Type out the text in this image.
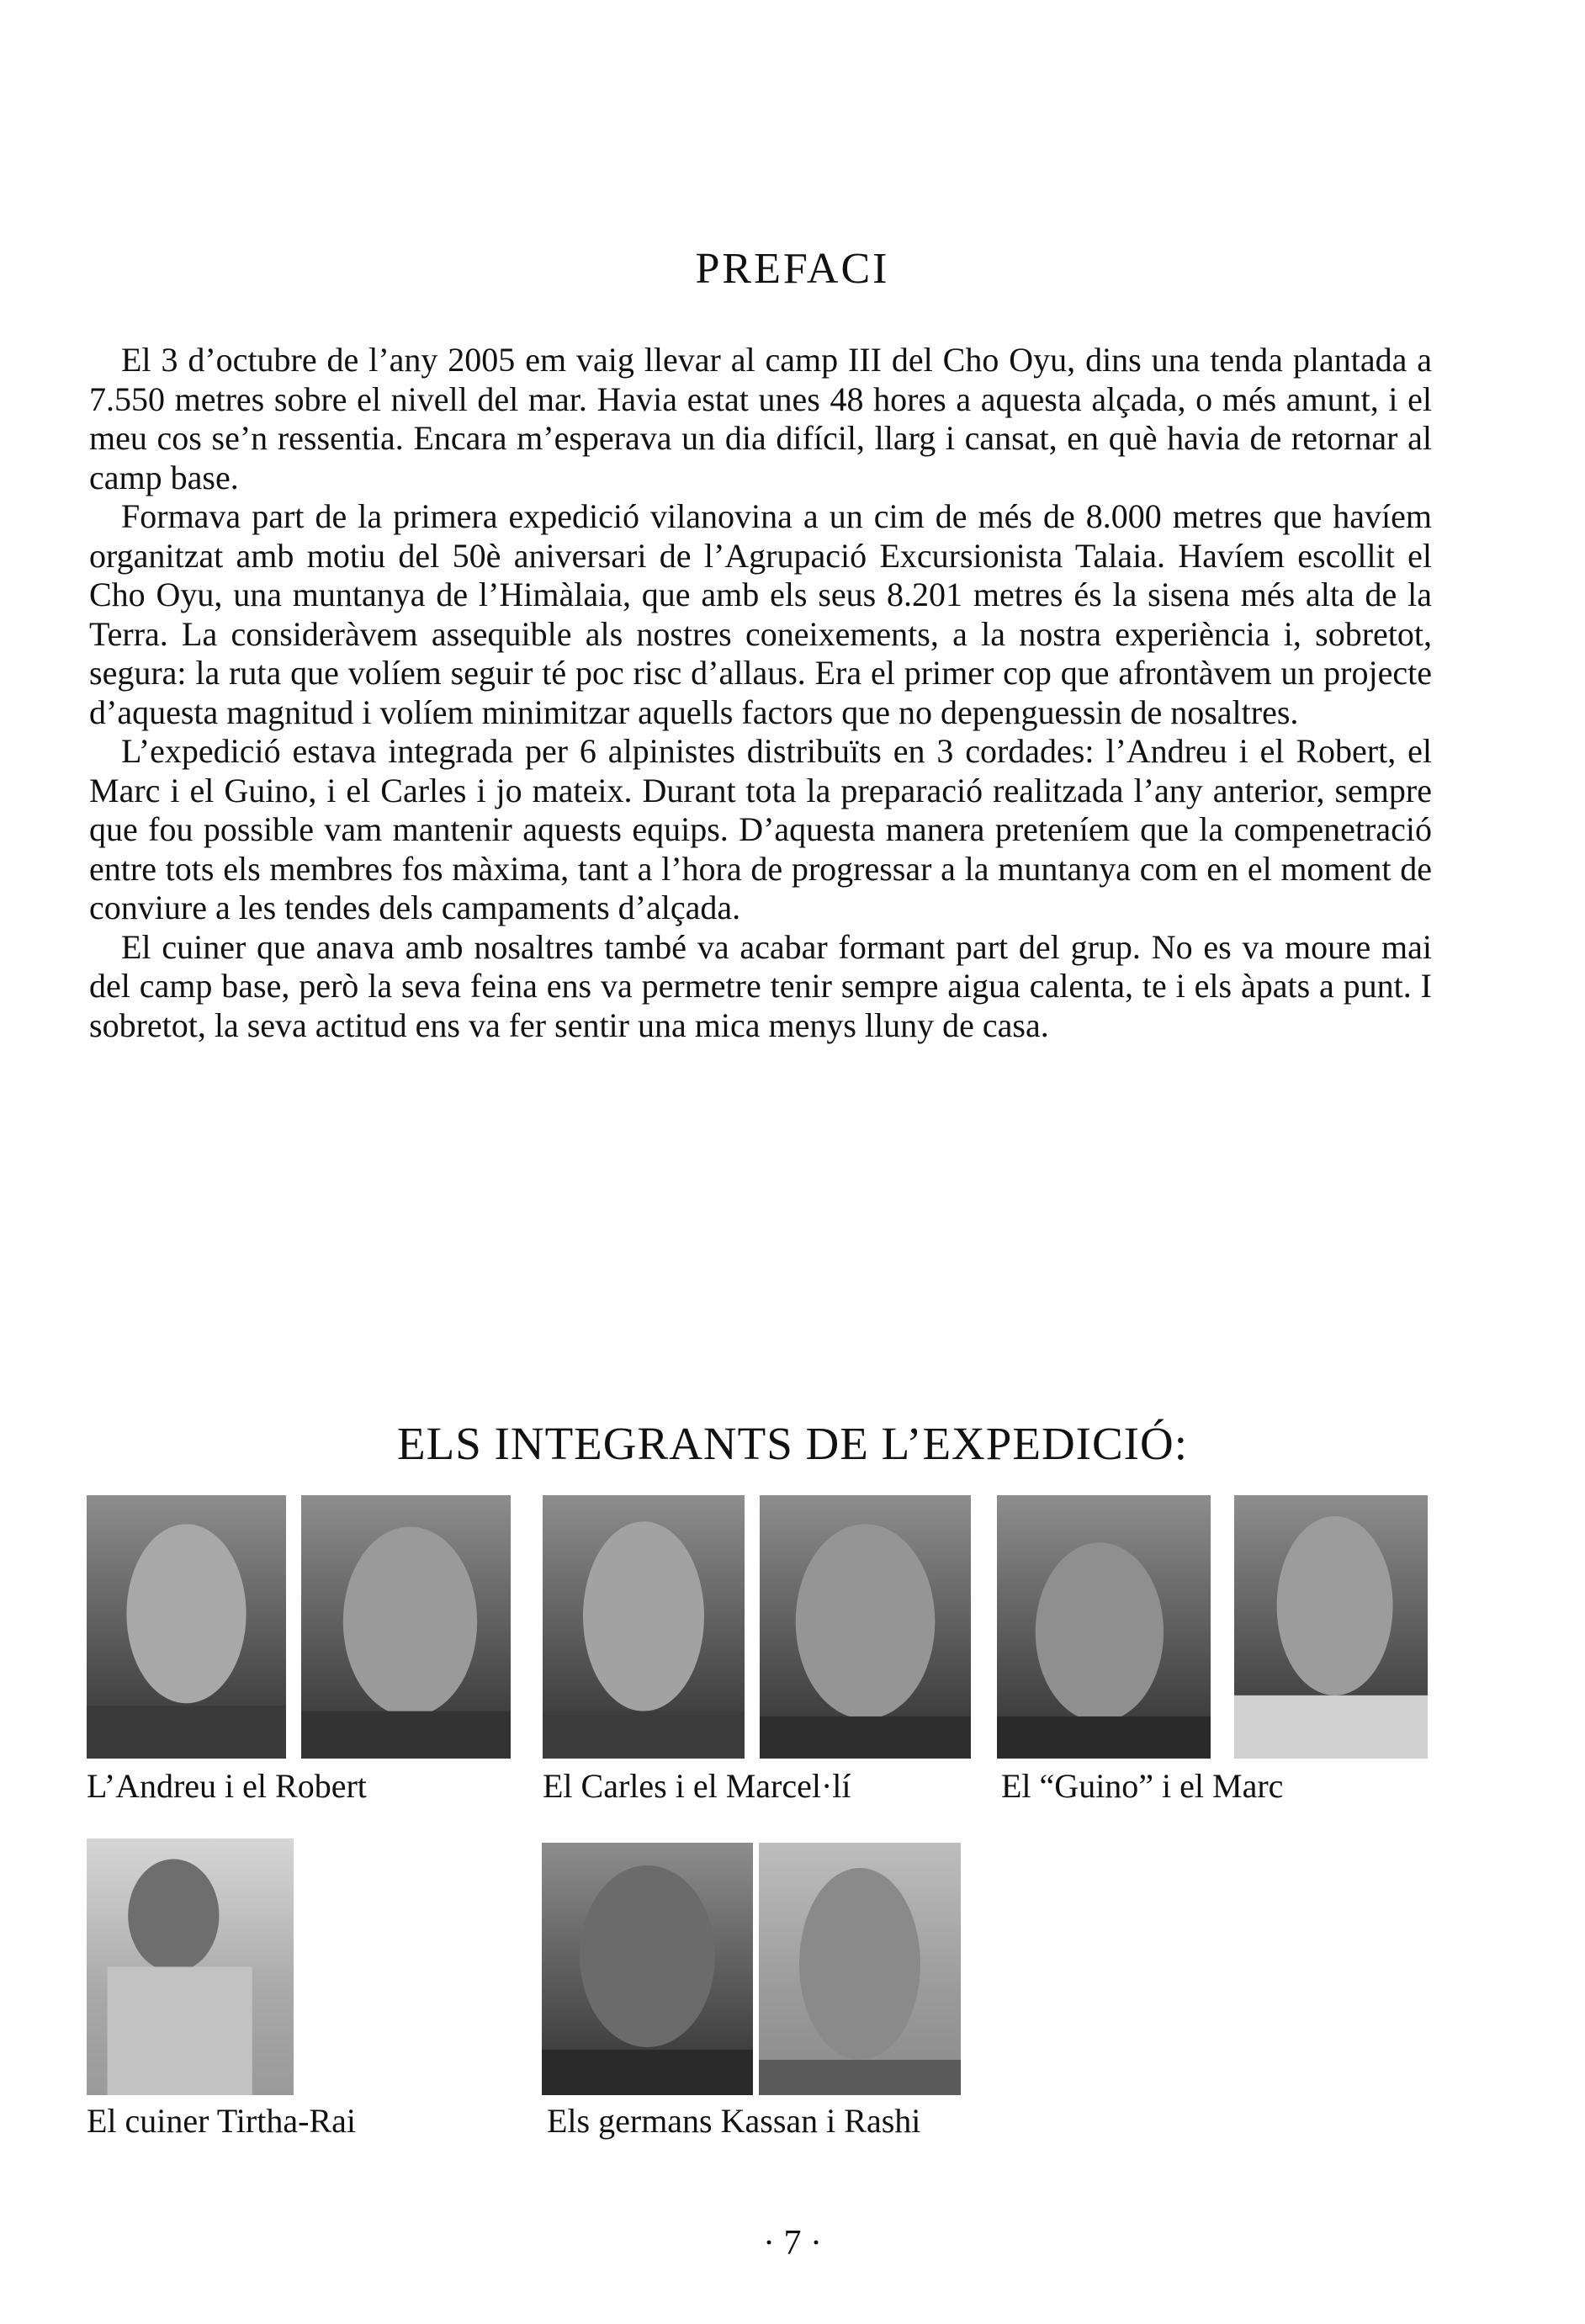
PREFACI

El 3 d’octubre de l’any 2005 em vaig llevar al camp III del Cho Oyu, dins una tenda plantada a 7.550 metres sobre el nivell del mar. Havia estat unes 48 hores a aquesta alçada, o més amunt, i el meu cos se’n ressentia. Encara m’esperava un dia difícil, llarg i cansat, en què havia de retornar al camp base.

Formava part de la primera expedició vilanovina a un cim de més de 8.000 metres que havíem organitzat amb motiu del 50è aniversari de l’Agrupació Excursionista Talaia. Havíem escollit el Cho Oyu, una muntanya de l’Himàlaia, que amb els seus 8.201 metres és la sisena més alta de la Terra. La consideràvem assequible als nostres coneixements, a la nostra experiència i, sobretot, segura: la ruta que volíem seguir té poc risc d’allaus. Era el primer cop que afrontàvem un projecte d’aquesta magnitud i volíem minimitzar aquells factors que no depenguessin de nosaltres.

L’expedició estava integrada per 6 alpinistes distribuïts en 3 cordades: l’Andreu i el Robert, el Marc i el Guino, i el Carles i jo mateix. Durant tota la preparació realitzada l’any anterior, sempre que fou possible vam mantenir aquests equips. D’aquesta manera preteníem que la compenetració entre tots els membres fos màxima, tant a l’hora de progressar a la muntanya com en el moment de conviure a les tendes dels campaments d’alçada.

El cuiner que anava amb nosaltres també va acabar formant part del grup. No es va moure mai del camp base, però la seva feina ens va permetre tenir sempre aigua calenta, te i els àpats a punt. I sobretot, la seva actitud ens va fer sentir una mica menys lluny de casa.

ELS INTEGRANTS DE L’EXPEDICIÓ:
L’Andreu i el Robert	El Carles i el Marcel·lí	El “Guino” i el Marc
El cuiner Tirtha-Rai	Els germans Kassan i Rashi
· 7 ·
